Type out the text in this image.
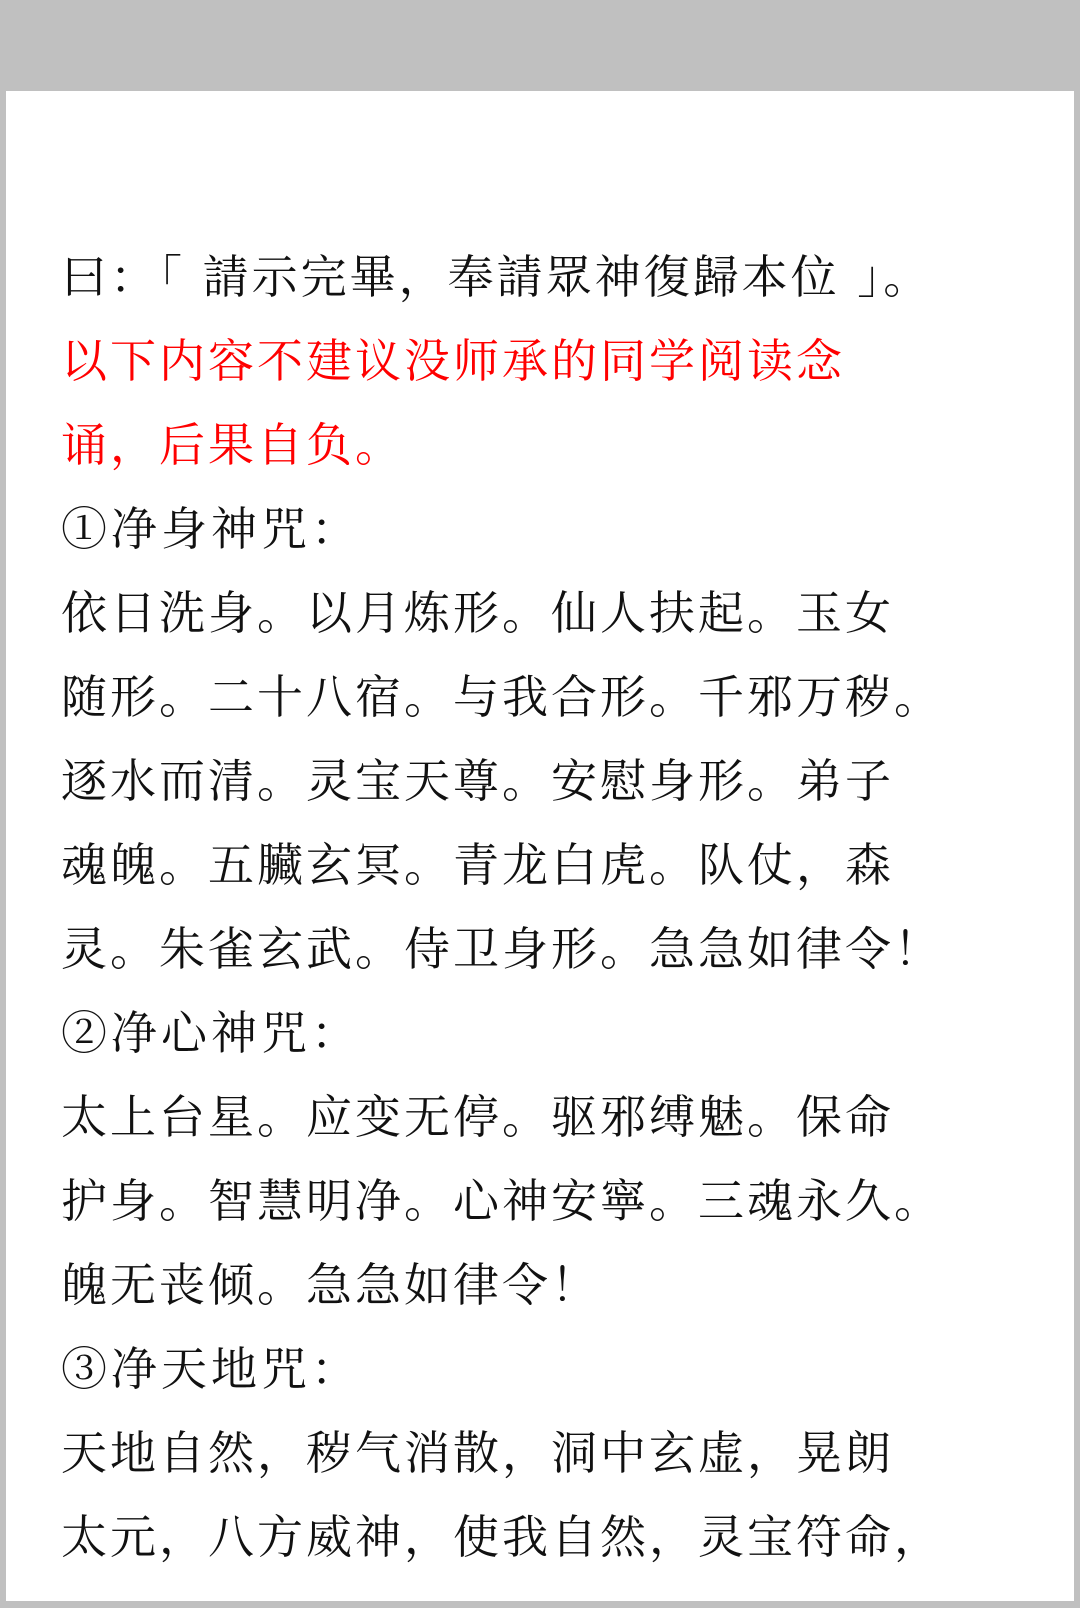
曰：「 請示完畢，奉請眾神復歸本位 」。
以下内容不建议没师承的同学阅读念
诵，后果自负。
①净身神咒：
依日洗身。以月炼形。仙人扶起。玉女
随形。二十八宿。与我合形。千邪万秽。
逐水而清。灵宝天尊。安慰身形。弟子
魂魄。五臟玄冥。青龙白虎。队仗，森
灵。朱雀玄武。侍卫身形。急急如律令！
②净心神咒：
太上台星。应变无停。驱邪缚魅。保命
护身。智慧明净。心神安寧。三魂永久。
魄无丧倾。急急如律令！
③净天地咒：
天地自然，秽气消散，洞中玄虚，晃朗
太元，八方威神，使我自然，灵宝符命，
